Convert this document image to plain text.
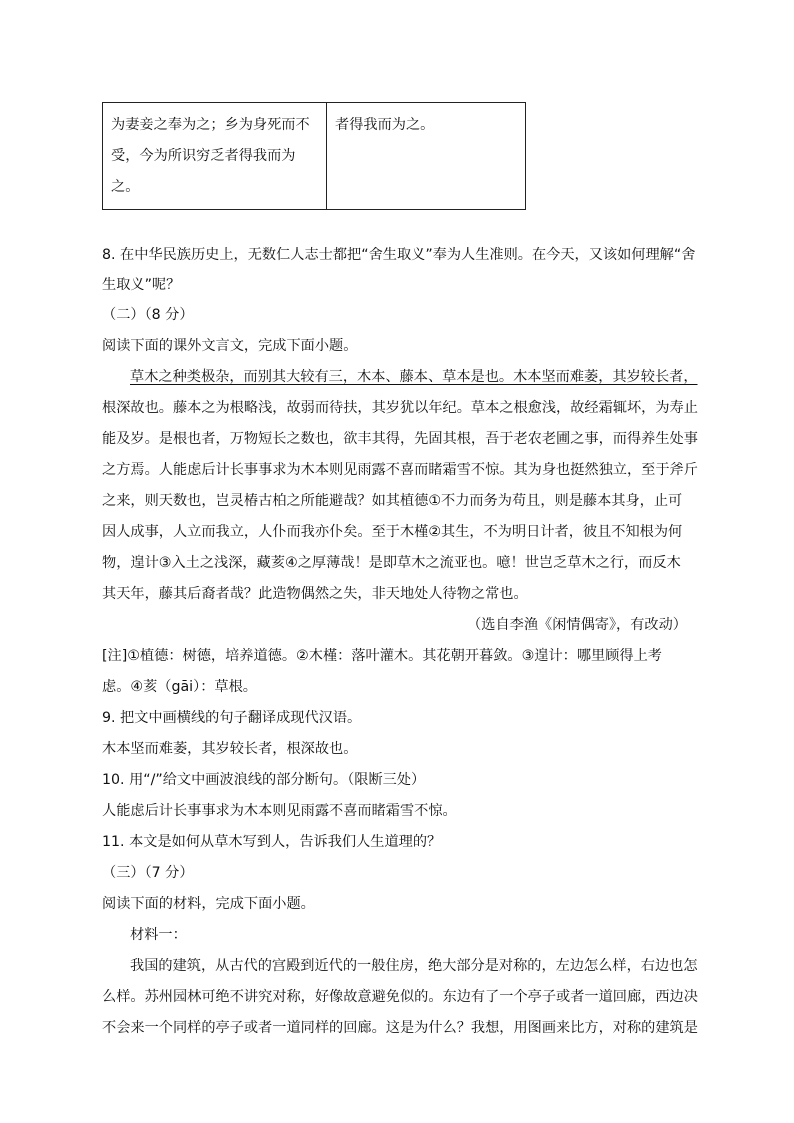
为妻妾之奉为之；乡为身死而不受，今为所识穷乏者得我而为之。	者得我而为之。
8. 在中华民族历史上，无数仁人志士都把“舍生取义”奉为人生准则。在今天，又该如何理解“舍
生取义”呢？
（二）（8 分）
阅读下面的课外文言文，完成下面小题。
草木之种类极杂，而别其大较有三，木本、藤本、草本是也。木本坚而难萎，其岁较长者，
根深故也。藤本之为根略浅，故弱而待扶，其岁犹以年纪。草本之根愈浅，故经霜辄坏，为寿止
能及岁。是根也者，万物短长之数也，欲丰其得，先固其根，吾于老农老圃之事，而得养生处事
之方焉。人能虑后计长事事求为木本则见雨露不喜而睹霜雪不惊。其为身也挺然独立，至于斧斤
之来，则天数也，岂灵椿古柏之所能避哉？如其植德①不力而务为苟且，则是藤本其身，止可
因人成事，人立而我立，人仆而我亦仆矣。至于木槿②其生，不为明日计者，彼且不知根为何
物，遑计③入土之浅深，藏荄④之厚薄哉！是即草木之流亚也。噫！世岂乏草木之行，而反木
其天年，藤其后裔者哉？此造物偶然之失，非天地处人待物之常也。
（选自李渔《闲情偶寄》，有改动）
[注]①植德：树德，培养道德。②木槿：落叶灌木。其花朝开暮敛。③遑计：哪里顾得上考
虑。④荄（gāi）：草根。
9. 把文中画横线的句子翻译成现代汉语。
木本坚而难萎，其岁较长者，根深故也。
10. 用“/”给文中画波浪线的部分断句。（限断三处）
人能虑后计长事事求为木本则见雨露不喜而睹霜雪不惊。
11. 本文是如何从草木写到人，告诉我们人生道理的？
（三）（7 分）
阅读下面的材料，完成下面小题。
材料一：
我国的建筑，从古代的宫殿到近代的一般住房，绝大部分是对称的，左边怎么样，右边也怎
么样。苏州园林可绝不讲究对称，好像故意避免似的。东边有了一个亭子或者一道回廊，西边决
不会来一个同样的亭子或者一道同样的回廊。这是为什么？我想，用图画来比方，对称的建筑是
